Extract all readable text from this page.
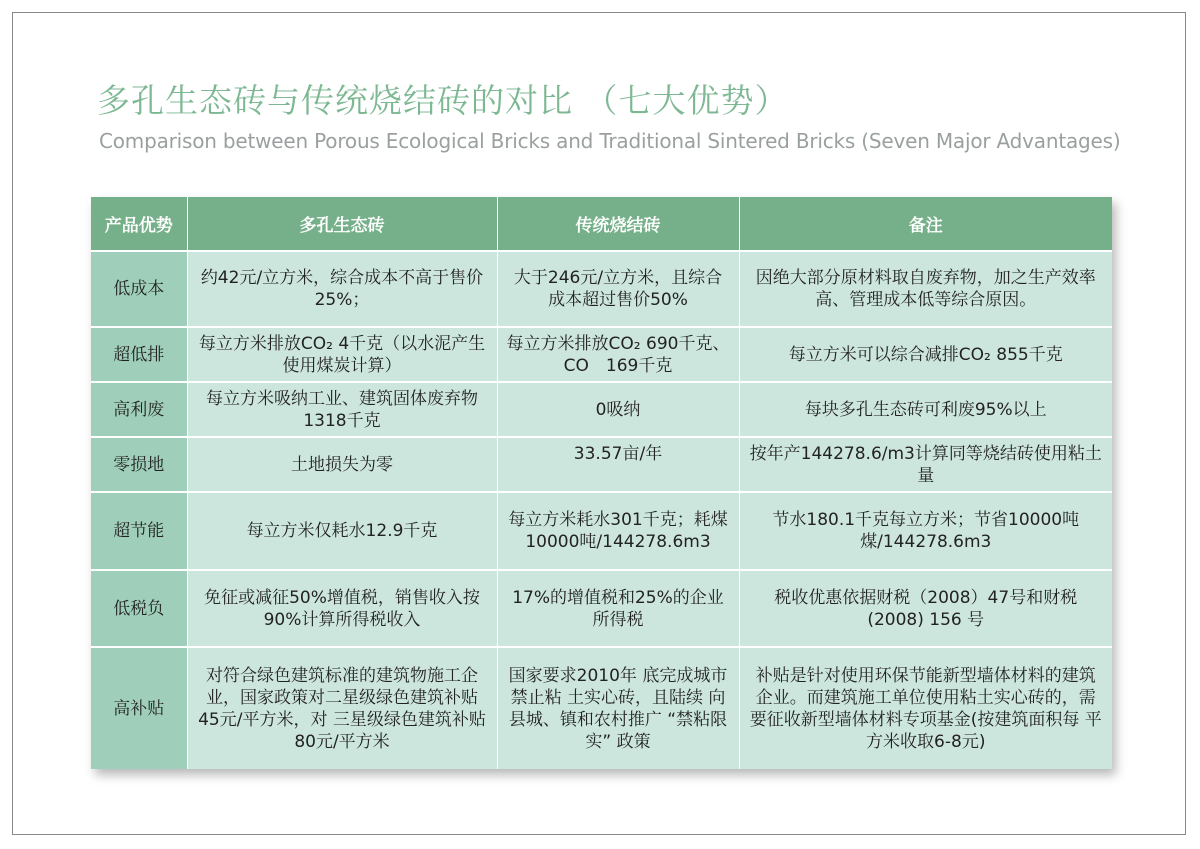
多孔生态砖与传统烧结砖的对比 （七大优势）
Comparison between Porous Ecological Bricks and Traditional Sintered Bricks (Seven Major Advantages)
产品优势	多孔生态砖	传统烧结砖	备注
低成本	约42元/立方米，综合成本不高于售价25%；	大于246元/立方米，且综合成本超过售价50%	因绝大部分原材料取自废弃物，加之生产效率高、管理成本低等综合原因。
超低排	每立方米排放CO₂ 4千克（以水泥产生使用煤炭计算）	每立方米排放CO₂ 690千克、CO　169千克	每立方米可以综合减排CO₂ 855千克
高利废	每立方米吸纳工业、建筑固体废弃物1318千克	0吸纳	每块多孔生态砖可利废95%以上
零损地	土地损失为零	33.57亩/年	按年产144278.6/m3计算同等烧结砖使用粘土量
超节能	每立方米仅耗水12.9千克	每立方米耗水301千克；耗煤10000吨/144278.6m3	节水180.1千克每立方米；节省10000吨煤/144278.6m3
低税负	免征或减征50%增值税，销售收入按90%计算所得税收入	17%的增值税和25%的企业所得税	税收优惠依据财税（2008）47号和财税(2008) 156 号
高补贴	对符合绿色建筑标准的建筑物施工企业，国家政策对二星级绿色建筑补贴45元/平方米，对 三星级绿色建筑补贴80元/平方米	国家要求2010年 底完成城市禁止粘 土实心砖，且陆续 向县城、镇和农村推广 “禁粘限实” 政策	补贴是针对使用环保节能新型墙体材料的建筑企业。而建筑施工单位使用粘土实心砖的，需要征收新型墙体材料专项基金(按建筑面积每 平方米收取6-8元)
